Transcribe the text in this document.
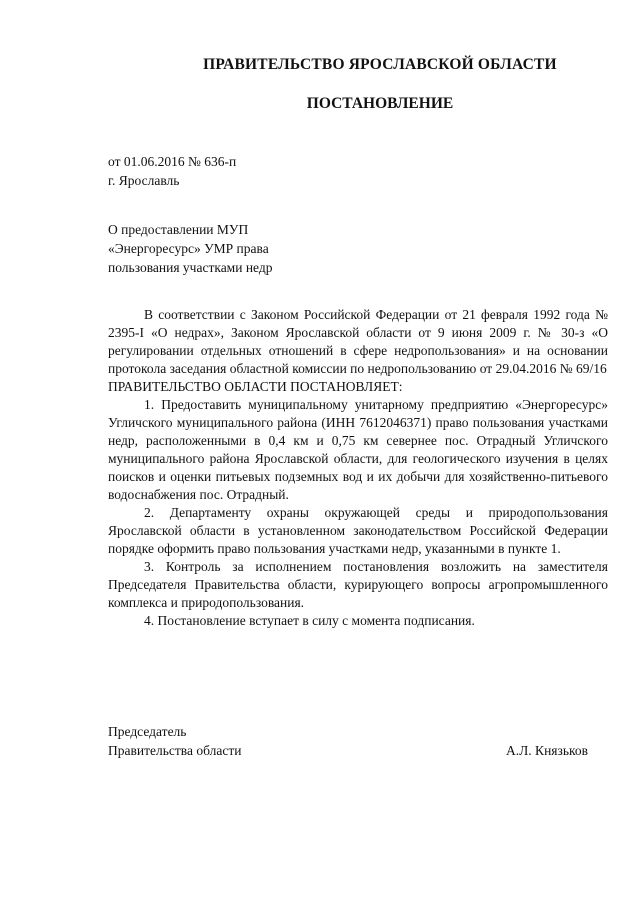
ПРАВИТЕЛЬСТВО ЯРОСЛАВСКОЙ ОБЛАСТИ
ПОСТАНОВЛЕНИЕ
от 01.06.2016 № 636-п
г. Ярославль
О предоставлении МУП
«Энергоресурс» УМР права
пользования участками недр

В соответствии с Законом Российской Федерации от 21 февраля 1992 года № 2395-I «О недрах», Законом Ярославской области от 9 июня 2009 г. № 30-з «О регулировании отдельных отношений в сфере недропользования» и на основании протокола заседания областной комиссии по недропользованию от 29.04.2016 № 69/16

ПРАВИТЕЛЬСТВО ОБЛАСТИ ПОСТАНОВЛЯЕТ:

1. Предоставить муниципальному унитарному предприятию «Энергоресурс» Угличского муниципального района (ИНН 7612046371) право пользования участками недр, расположенными в 0,4 км и 0,75 км севернее пос. Отрадный Угличского муниципального района Ярославской области, для геологического изучения в целях поисков и оценки питьевых подземных вод и их добычи для хозяйственно-питьевого водоснабжения пос. Отрадный.

2. Департаменту охраны окружающей среды и природопользования Ярославской области в установленном законодательством Российской Федерации порядке оформить право пользования участками недр, указанными в пункте 1.

3. Контроль за исполнением постановления возложить на заместителя Председателя Правительства области, курирующего вопросы агропромышленного комплекса и природопользования.

4. Постановление вступает в силу с момента подписания.

Председатель
Правительства области	А.Л. Князьков
